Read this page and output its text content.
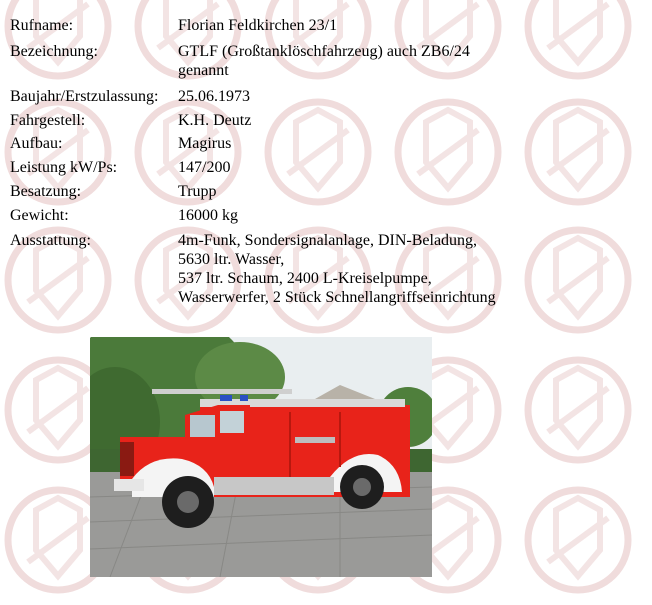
Rufname:	Florian Feldkirchen 23/1
Bezeichnung:	GTLF (Großtanklöschfahrzeug) auch ZB6/24
genannt
Baujahr/Erstzulassung: 25.06.1973
Fahrgestell:	K.H. Deutz
Aufbau:	Magirus
Leistung kW/Ps:	147/200
Besatzung:	Trupp
Gewicht:	16000 kg
Ausstattung:	4m-Funk, Sondersignalanlage, DIN-Beladung,
5630 ltr. Wasser,
537 ltr. Schaum, 2400 L-Kreiselpumpe,
Wasserwerfer, 2 Stück Schnellangriffseinrichtung
